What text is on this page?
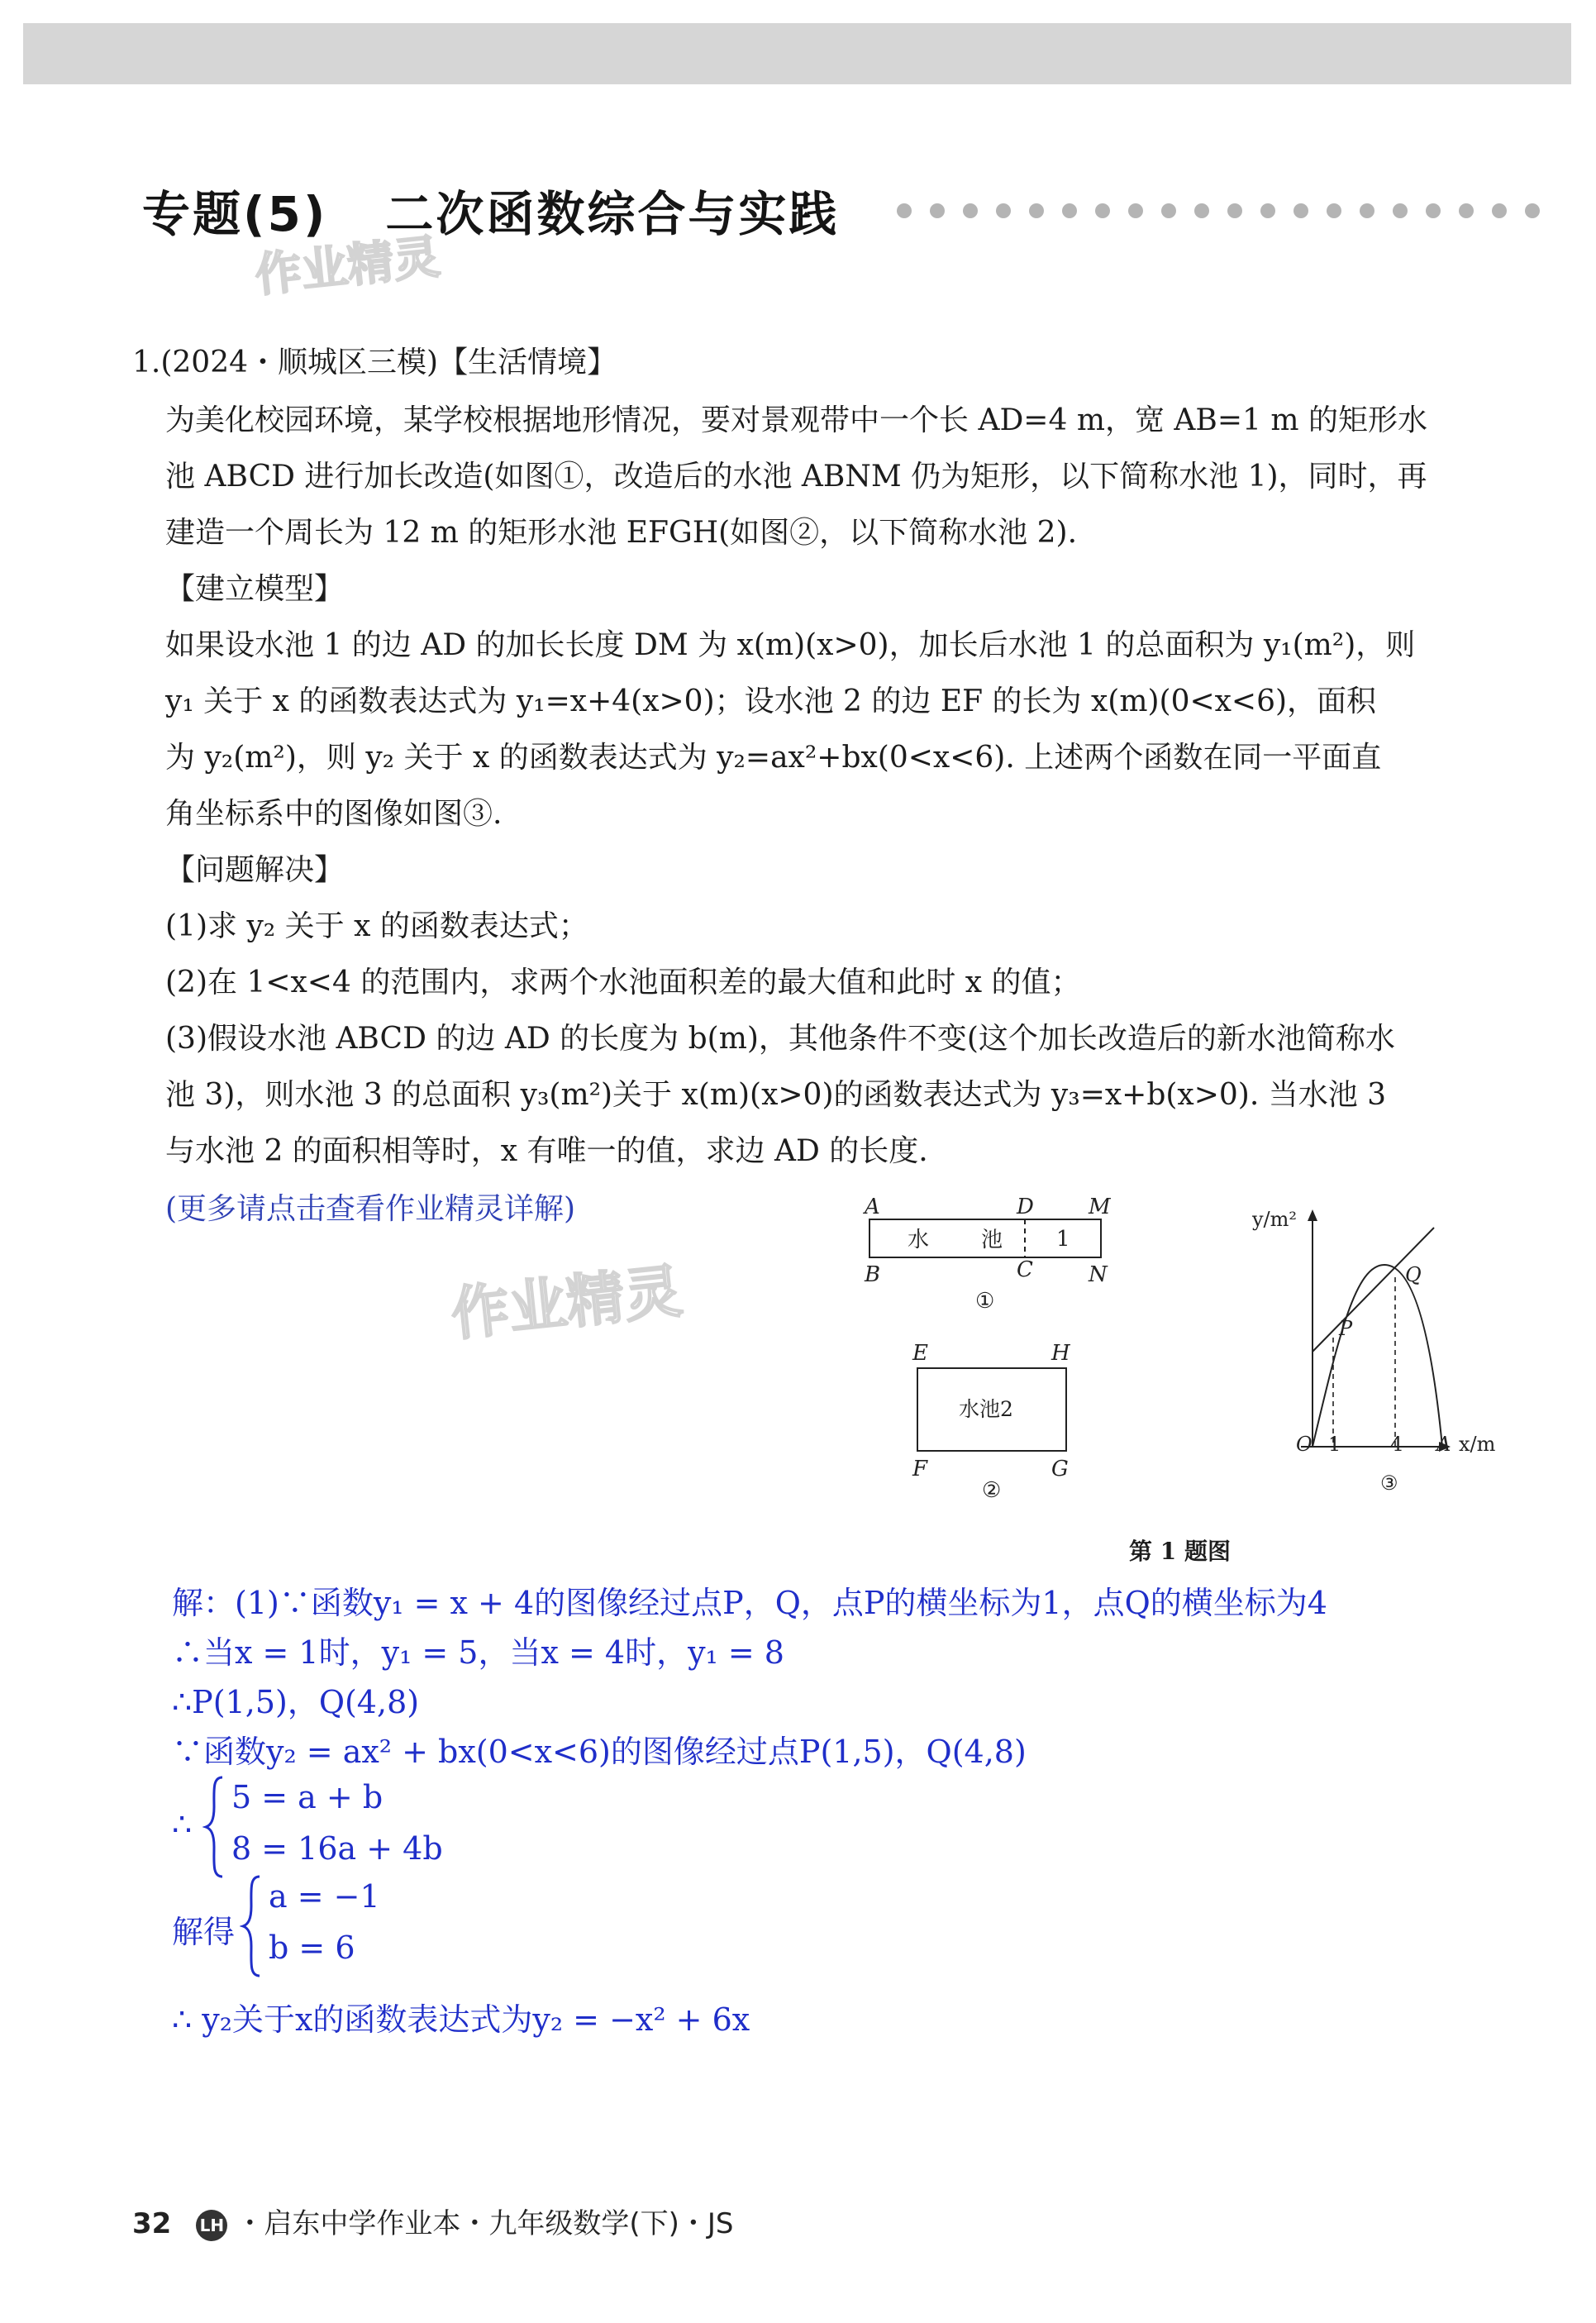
专题(5) 二次函数综合与实践
作业精灵
1.(2024・顺城区三模)【生活情境】
为美化校园环境，某学校根据地形情况，要对景观带中一个长 AD=4 m，宽 AB=1 m 的矩形水
池 ABCD 进行加长改造(如图①，改造后的水池 ABNM 仍为矩形，以下简称水池 1)，同时，再
建造一个周长为 12 m 的矩形水池 EFGH(如图②，以下简称水池 2).
【建立模型】
如果设水池 1 的边 AD 的加长长度 DM 为 x(m)(x>0)，加长后水池 1 的总面积为 y₁(m²)，则
y₁ 关于 x 的函数表达式为 y₁=x+4(x>0)；设水池 2 的边 EF 的长为 x(m)(0<x<6)，面积
为 y₂(m²)，则 y₂ 关于 x 的函数表达式为 y₂=ax²+bx(0<x<6). 上述两个函数在同一平面直
角坐标系中的图像如图③.
【问题解决】
(1)求 y₂ 关于 x 的函数表达式；
(2)在 1<x<4 的范围内，求两个水池面积差的最大值和此时 x 的值；
(3)假设水池 ABCD 的边 AD 的长度为 b(m)，其他条件不变(这个加长改造后的新水池简称水
池 3)，则水池 3 的总面积 y₃(m²)关于 x(m)(x>0)的函数表达式为 y₃=x+b(x>0). 当水池 3
与水池 2 的面积相等时，x 有唯一的值，求边 AD 的长度.
(更多请点击查看作业精灵详解)
作业精灵
A	D	M
B	C	N
水 池 1
①
E	H
F	G
水池2
②
y/m²
x/m
O
P
Q
A
1 4
③
第 1 题图
解：(1)∵函数y₁ = x + 4的图像经过点P，Q，点P的横坐标为1，点Q的横坐标为4
∴当x = 1时，y₁ = 5，当x = 4时，y₁ = 8
∴P(1,5)，Q(4,8)
∵函数y₂ = ax² + bx(0<x<6)的图像经过点P(1,5)，Q(4,8)
∴
5 = a + b
8 = 16a + 4b
解得
a = −1
b = 6
∴ y₂关于x的函数表达式为y₂ = −x² + 6x
32 LH ・启东中学作业本・九年级数学(下)・JS
